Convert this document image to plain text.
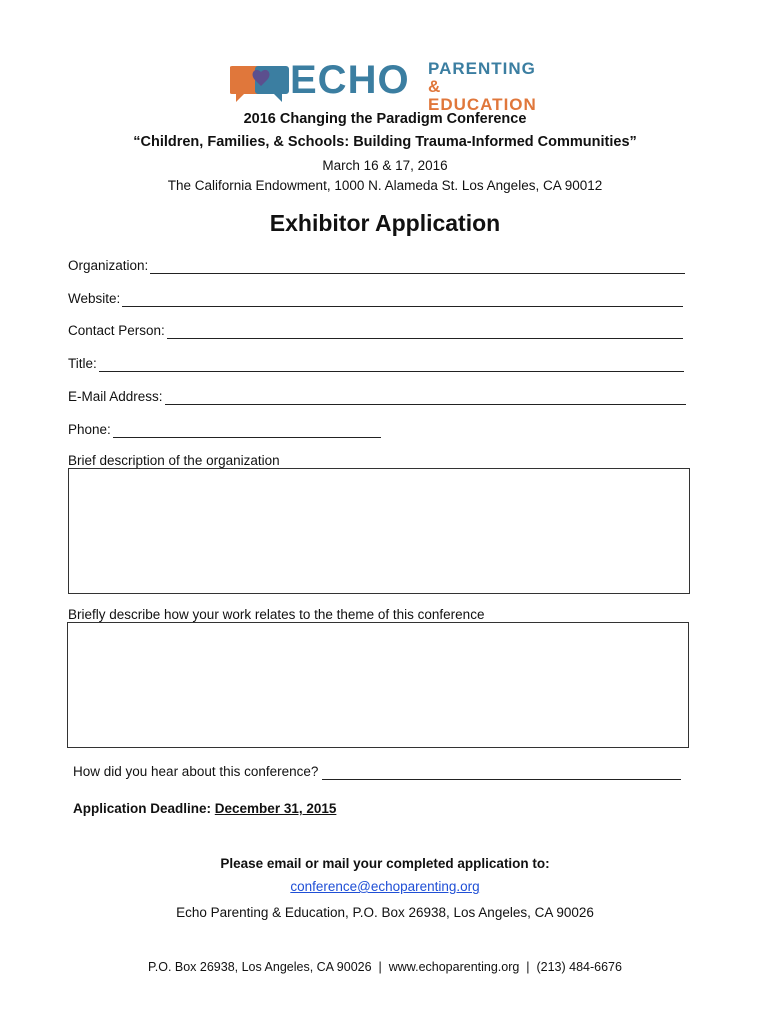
ECHO PARENTING
& EDUCATION
2016 Changing the Paradigm Conference
“Children, Families, & Schools: Building Trauma-Informed Communities”
March 16 & 17, 2016
The California Endowment, 1000 N. Alameda St. Los Angeles, CA 90012
Exhibitor Application
Organization:
Website:
Contact Person:
Title:
E-Mail Address:
Phone:
Brief description of the organization
Briefly describe how your work relates to the theme of this conference
How did you hear about this conference?
Application Deadline: December 31, 2015
Please email or mail your completed application to:
conference@echoparenting.org
Echo Parenting & Education, P.O. Box 26938, Los Angeles, CA 90026
P.O. Box 26938, Los Angeles, CA 90026  |  www.echoparenting.org  |  (213) 484-6676
